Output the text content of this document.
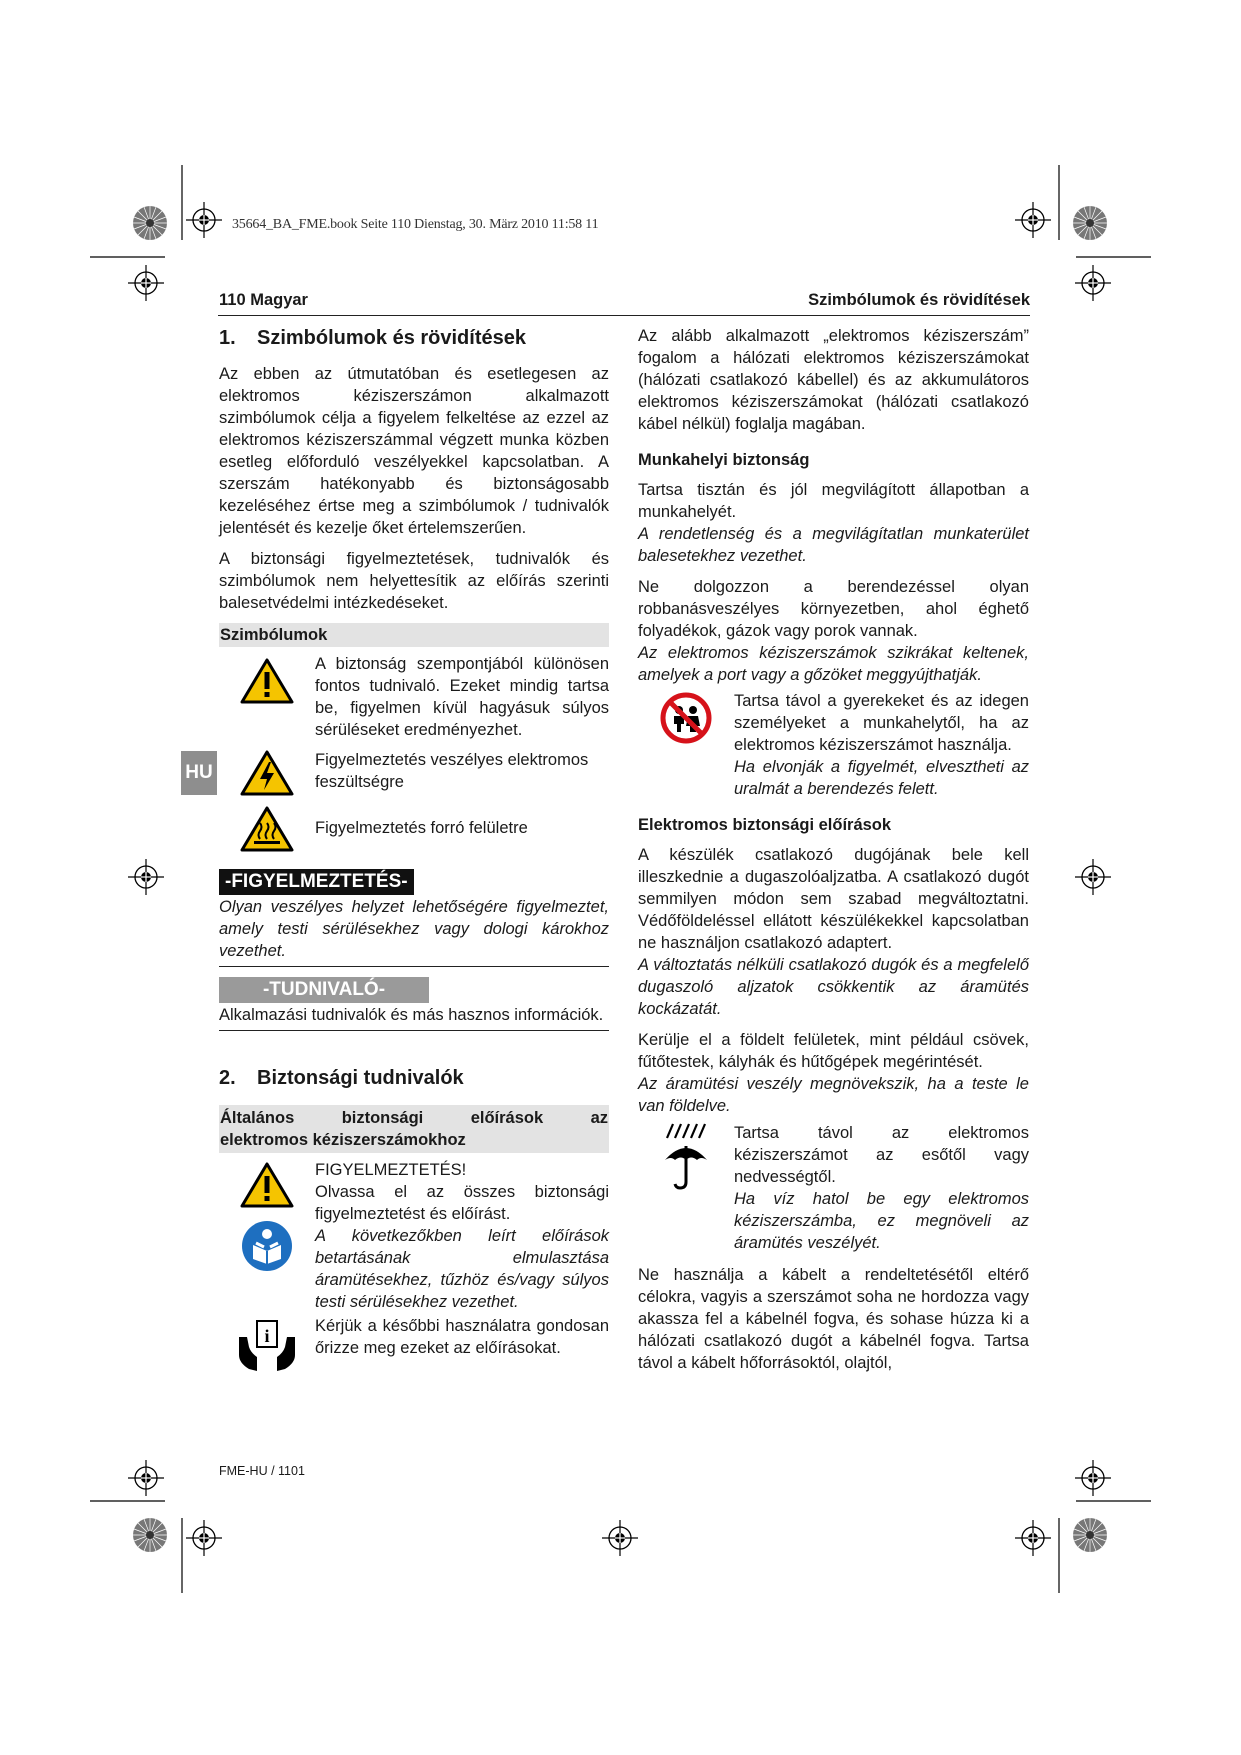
35664_BA_FME.book Seite 110 Dienstag, 30. März 2010 11:58 11
110 Magyar	Szimbólumok és rövidítések
HU
1. Szimbólumok és rövidítések

Az ebben az útmutatóban és esetlegesen az elektromos kéziszerszámon alkalmazott szimbólumok célja a figyelem felkeltése az ezzel az elektromos kéziszerszámmal végzett munka közben esetleg előforduló veszélyekkel kapcsolatban. A szerszám hatékonyabb és biztonságosabb kezeléséhez értse meg a szimbólumok / tudnivalók jelentését és kezelje őket értelemszerűen.

A biztonsági figyelmeztetések, tudnivalók és szimbólumok nem helyettesítik az előírás szerinti balesetvédelmi intézkedéseket.

Szimbólumok
A biztonság szempontjából különösen fontos tudnivaló. Ezeket mindig tartsa be, figyelmen kívül hagyásuk súlyos sérüléseket eredményezhet.
Figyelmeztetés veszélyes elektromos feszültségre
Figyelmeztetés forró felületre
-FIGYELMEZTETÉS-

Olyan veszélyes helyzet lehetőségére figyelmeztet, amely testi sérülésekhez vagy dologi károkhoz vezethet.

-TUDNIVALÓ-

Alkalmazási tudnivalók és más hasznos információk.

2. Biztonsági tudnivalók
Általános biztonsági előírások az
elektromos kéziszerszámokhoz
FIGYELMEZTETÉS!
Olvassa el az összes biztonsági figyelmeztetést és előírást.
A következőkben leírt előírások betartásának elmulasztása áramütésekhez, tűzhöz és/vagy súlyos testi sérülésekhez vezethet.
i	Kérjük a későbbi használatra gondosan őrizze meg ezeket az előírásokat.

Az alább alkalmazott „elektromos kéziszerszám” fogalom a hálózati elektromos kéziszerszámokat (hálózati csatlakozó kábellel) és az akkumulátoros elektromos kéziszerszámokat (hálózati csatlakozó kábel nélkül) foglalja magában.

Munkahelyi biztonság

Tartsa tisztán és jól megvilágított állapotban a munkahelyét.
A rendetlenség és a megvilágítatlan munkaterület balesetekhez vezethet.

Ne dolgozzon a berendezéssel olyan robbanásveszélyes környezetben, ahol éghető folyadékok, gázok vagy porok vannak.
Az elektromos kéziszerszámok szikrákat keltenek, amelyek a port vagy a gőzöket meggyújthatják.

Tartsa távol a gyerekeket és az idegen személyeket a munkahelytől, ha az elektromos kéziszerszámot használja.
Ha elvonják a figyelmét, elvesztheti az uralmát a berendezés felett.
Elektromos biztonsági előírások

A készülék csatlakozó dugójának bele kell illeszkednie a dugaszolóaljzatba. A csatlakozó dugót semmilyen módon sem szabad megváltoztatni. Védőföldeléssel ellátott készülékekkel kapcsolatban ne használjon csatlakozó adaptert.
A változtatás nélküli csatlakozó dugók és a megfelelő dugaszoló aljzatok csökkentik az áramütés kockázatát.

Kerülje el a földelt felületek, mint például csövek, fűtőtestek, kályhák és hűtőgépek megérintését.
Az áramütési veszély megnövekszik, ha a teste le van földelve.

Tartsa távol az elektromos kéziszerszámot az esőtől vagy nedvességtől.
Ha víz hatol be egy elektromos kéziszerszámba, ez megnöveli az áramütés veszélyét.

Ne használja a kábelt a rendeltetésétől eltérő célokra, vagyis a szerszámot soha ne hordozza vagy akassza fel a kábelnél fogva, és sohase húzza ki a hálózati csatlakozó dugót a kábelnél fogva. Tartsa távol a kábelt hőforrásoktól, olajtól,

FME-HU / 1101
